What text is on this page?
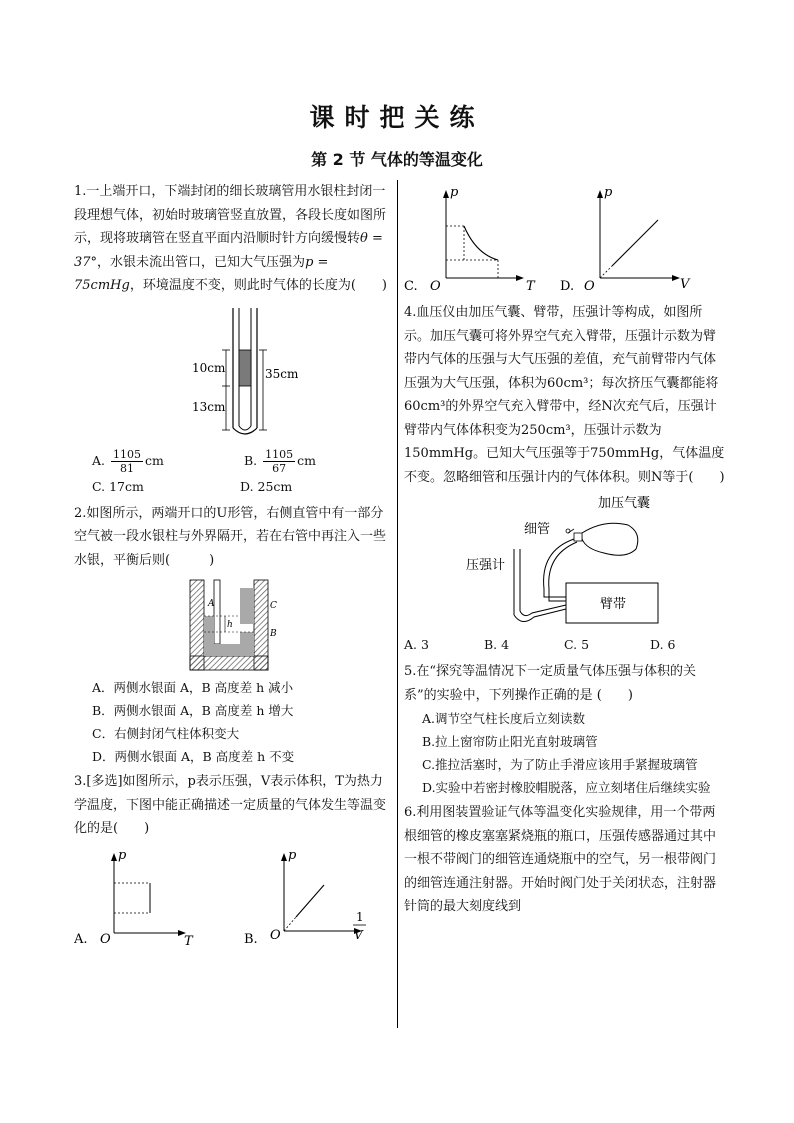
课时把关练
第 2 节 气体的等温变化
1.一上端开口，下端封闭的细长玻璃管用水银柱封闭一段理想气体，初始时玻璃管竖直放置，各段长度如图所示，现将玻璃管在竖直平面内沿顺时针方向缓慢转θ = 37°，水银未流出管口，已知大气压强为p = 75cmHg，环境温度不变，则此时气体的长度为(　　)
10cm
13cm
35cm
A. $\frac{1105}{81}$ cm	B. $\frac{1105}{67}$ cm
C. 17cm	D. 25cm
2.如图所示，两端开口的U形管，右侧直管中有一部分空气被一段水银柱与外界隔开，若在右管中再注入一些水银，平衡后则(　　　)
A
h
C
B
A．两侧水银面 A，B 高度差 h 减小
B．两侧水银面 A，B 高度差 h 增大
C．右侧封闭气柱体积变大
D．两侧水银面 A，B 高度差 h 不变
3.[多选]如图所示，p表示压强，V表示体积，T为热力学温度，下图中能正确描述一定质量的气体发生等温变化的是(　　)
A. O
p
T	B. O
p
1
V
C. O
p
T D. O
p
V
4.血压仪由加压气囊、臂带，压强计等构成，如图所示。加压气囊可将外界空气充入臂带，压强计示数为臂带内气体的压强与大气压强的差值，充气前臂带内气体压强为大气压强，体积为60cm³；每次挤压气囊都能将60cm³的外界空气充入臂带中，经N次充气后，压强计臂带内气体体积变为250cm³，压强计示数为150mmHg。已知大气压强等于750mmHg，气体温度不变。忽略细管和压强计内的气体体积。则N等于(　　)
臂带
加压气囊
细管
压强计
A. 3	B. 4	C. 5	D. 6
5.在“探究等温情况下一定质量气体压强与体积的关系”的实验中，下列操作正确的是 (　　)
A.调节空气柱长度后立刻读数
B.拉上窗帘防止阳光直射玻璃管
C.推拉活塞时，为了防止手滑应该用手紧握玻璃管
D.实验中若密封橡胶帽脱落，应立刻堵住后继续实验
6.利用图装置验证气体等温变化实验规律，用一个带两根细管的橡皮塞塞紧烧瓶的瓶口，压强传感器通过其中一根不带阀门的细管连通烧瓶中的空气，另一根带阀门的细管连通注射器。开始时阀门处于关闭状态，注射器针筒的最大刻度线到
